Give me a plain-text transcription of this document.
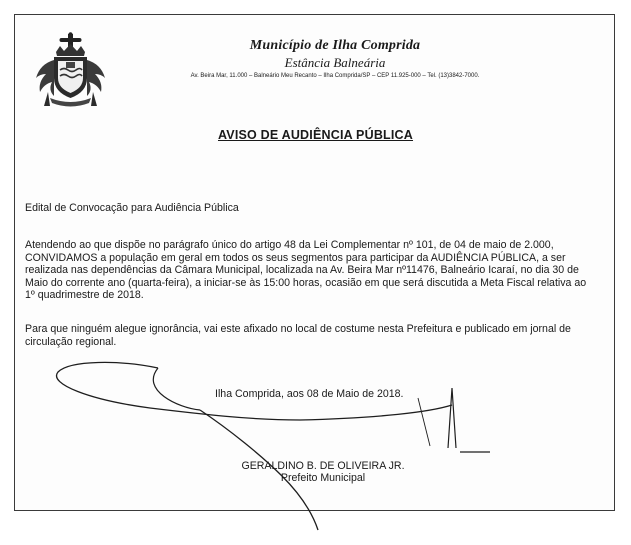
Município de Ilha Comprida
Estância Balneária
Av. Beira Mar, 11.000 – Balneário Meu Recanto – Ilha Comprida/SP – CEP 11.925-000 – Tel. (13)3842-7000.
AVISO DE AUDIÊNCIA PÚBLICA
Edital de Convocação para Audiência Pública
Atendendo ao que dispõe no parágrafo único do artigo 48 da Lei Complementar nº 101, de 04 de maio de 2.000, CONVIDAMOS a população em geral em todos os seus segmentos para participar da AUDIÊNCIA PÚBLICA, a ser realizada nas dependências da Câmara Municipal, localizada na Av. Beira Mar nº11476, Balneário Icaraí, no dia 30 de Maio do corrente ano (quarta-feira), a iniciar-se às 15:00 horas, ocasião em que será discutida a Meta Fiscal relativa ao 1º quadrimestre de 2018.
Para que ninguém alegue ignorância, vai este afixado no local de costume nesta Prefeitura e publicado em jornal de circulação regional.
Ilha Comprida, aos 08 de Maio de 2018.
GERALDINO B. DE OLIVEIRA JR.
Prefeito Municipal
